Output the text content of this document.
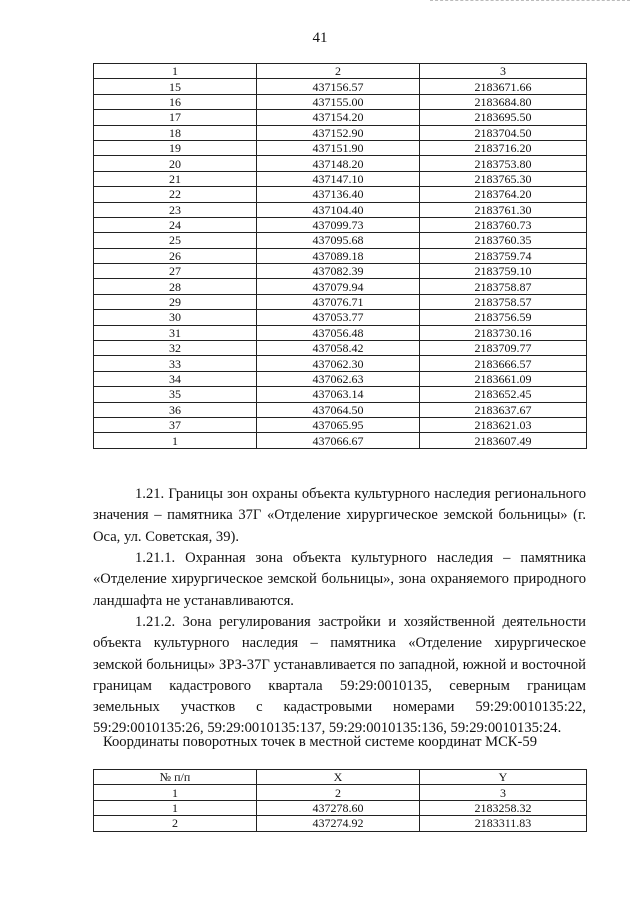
41
1	2	3
15	437156.57	2183671.66
16	437155.00	2183684.80
17	437154.20	2183695.50
18	437152.90	2183704.50
19	437151.90	2183716.20
20	437148.20	2183753.80
21	437147.10	2183765.30
22	437136.40	2183764.20
23	437104.40	2183761.30
24	437099.73	2183760.73
25	437095.68	2183760.35
26	437089.18	2183759.74
27	437082.39	2183759.10
28	437079.94	2183758.87
29	437076.71	2183758.57
30	437053.77	2183756.59
31	437056.48	2183730.16
32	437058.42	2183709.77
33	437062.30	2183666.57
34	437062.63	2183661.09
35	437063.14	2183652.45
36	437064.50	2183637.67
37	437065.95	2183621.03
1	437066.67	2183607.49

1.21. Границы зон охраны объекта культурного наследия регионального значения – памятника 37Г «Отделение хирургическое земской больницы» (г. Оса, ул. Советская, 39).

1.21.1. Охранная зона объекта культурного наследия – памятника «Отделение хирургическое земской больницы», зона охраняемого природного ландшафта не устанавливаются.

1.21.2. Зона регулирования застройки и хозяйственной деятельности объекта культурного наследия – памятника «Отделение хирургическое земской больницы» ЗРЗ-37Г устанавливается по западной, южной и восточной границам кадастрового квартала 59:29:0010135, северным границам земельных участков с кадастровыми номерами 59:29:0010135:22, 59:29:0010135:26, 59:29:0010135:137, 59:29:0010135:136, 59:29:0010135:24.

Координаты поворотных точек в местной системе координат МСК-59
№ п/п	X	Y
1	2	3
1	437278.60	2183258.32
2	437274.92	2183311.83
